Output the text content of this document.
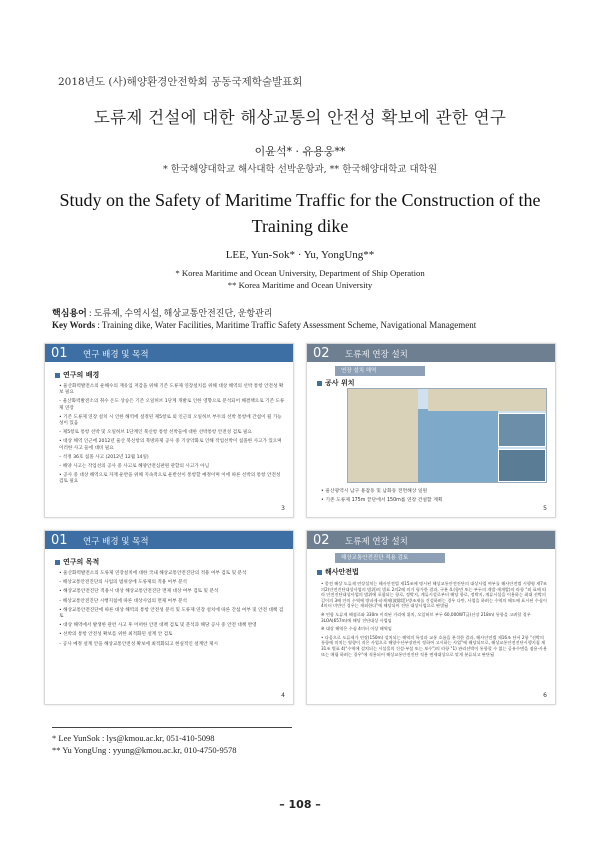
2018년도 (사)해양환경안전학회 공동국제학술발표회
도류제 건설에 대한 해상교통의 안전성 확보에 관한 연구
이윤석* · 유용웅**
* 한국해양대학교 해사대학 선박운항과, ** 한국해양대학교 대학원
Study on the Safety of Maritime Traffic for the Construction of the Training dike
LEE, Yun-Sok* · Yu, YongUng**
* Korea Maritime and Ocean University, Department of Ship Operation
** Korea Maritime and Ocean University
핵심용어 : 도류제, 수역시설, 해상교통안전진단, 운항관리
Key Words : Training dike, Water Facilities, Maritime Traffic Safety Assessment Scheme, Navigational Management
01 연구 배경 및 목적
연구의 배경

• 울산화력발전소의 운해수의 재유입 저감을 위해 기존 도류제 연장설치를 위해 대상 해역의 선박 통항 안전성 확보 필요

– 울산화력발전소의 취수 온도 상승은 기존 오일허브 1단계 개발로 인한 영향으로 분석되어 해결책으로 기존 도류제 연장

• 기존 도류제 연장 설치 시 인한 해역에 설정된 제5항로 외 인근의 오일허브 부두의 선박 통항에 간섭이 될 가능성이 있음

– 제5항로 통항 선박 및 오일허브 1단계인 북신항 통항 선박들에 대한 선박통항 안전성 검토 필요

• 대상 해역 인근에 2012년 울산 북신항의 북방파제 공사 중 기상악화로 인해 작업선박이 침몰한 사고가 있으며 이러한 사고 들에 대비 필요

– 석정 36호 침몰 사고 (2012년 12월 14일)

– 해양 사고는 작업선의 공사 중 사고로 해양안전심판원 관할의 사고가 아님

• 공사 중 대상 해역으로 자재 운반을 위해 지속적으로 운반선이 통항할 예정이며 이에 따른 선박의 통항 안전성 검토 필요

3
02 도류제 연장 설치
연장 설치 해역
공사 위치

• 울산광역시 남구 용잠동 및 남화동 전면해상 일원

• 기존 도류제 175m 끝단에서 150m를 연장 건설할 계획

5
01 연구 배경 및 목적
연구의 목적

• 울산화력발전소의 도류제 연장설치에 대한 국내 해상교통안전진단의 적용 여부 검토 및 분석

– 해상교통안전진단의 사업의 범위상에 도류제의 적용 여부 분석

• 해상교통안전진단 적용시 대상 해상교통안전진단 면제 대상 여부 검토 및 분석

– 해상교통안전진단 시행지침에 따른 대상사업의 면제 여부 분석

• 해상교통안전진단에 따른 대상 해역의 통항 안전성 분석 및 도류제 연장 설치에 따른 간섭 여부 및 안전 대책 검토

• 대상 해역에서 발생한 관련 사고 후 어떠한 안전 대책 검토 및 분석과 해당 공사 중 안전 대책 반영

• 선박의 통항 안전성 확보를 위한 최적화된 설계 안 검토

– 공사 예정 설계 안을 해상교통안전성 확보에 최적화되고 현실적인 설계안 제시

4
02 도류제 연장 설치
해상교통안전진단 적용 검토
해사안전법

• 종전 해상 도류제 연장설치는 해사안전법 제15조에 명시된 해상교통안전진단의 대상사업 여부를 해사안전법 시행령 제7조의2(안전진단대상사업의 범위)의 별표 2의2에 의거 평가한 결과, 구분 4.(항만 또는 부두의 개발·재개발)의 라항 "외 표에 따라 안전진단대상사업의 범위에 포함되는 항로, 정박지, 계류시설로부터 해당 항로, 정박지, 계류시설을 이용하는 최대 선박의 길이의 3배 안의 수역에 방파제·파제제(波除堤)·방조제를 건설하려는 경우 다만, 사업을 하려는 수역의 해도에 표시된 수심이 4미터 미만인 경우는 제외한다"에 해당되어 진단 대상사업으로 판별됨

※ 연합 도류제 해점로와 330m 이격된 거리에 위치, 오일허브 부두 60,000WT급(선장 218m) 통항을 고려할 경우 3LOA(657m)에 해당 진단대상 사업임

※ 대상 해역은 수심 4미터 이상 해역임

• 다음으로 도류제가 연장(150m) 설치되는 해역의 특성과 교통 흐름을 분석한 결과, 해사안전법 제16조 단서 2항 "선박의 통항에 미치는 영향이 적은 사업으로 해양수산부장관이 정하여 고시하는 사업"에 해당되므로, 해상교통안전진단시행지침 제31조 별표 4("수역에 설치되는 시설물의 건설·부설 또는 보수")의 라항 "1) 관리선박이 통항할 수 없는 공유수면을 점용·사용 또는 매립 하려는 경우"에 적용되어 해상교통안전진단 적용 면제대상으로 맞게 분류되고 판단됨

6
* Lee YunSok : lys@kmou.ac.kr, 051-410-5098
** Yu YongUng : yyung@kmou.ac.kr, 010-4750-9578
– 108 –
